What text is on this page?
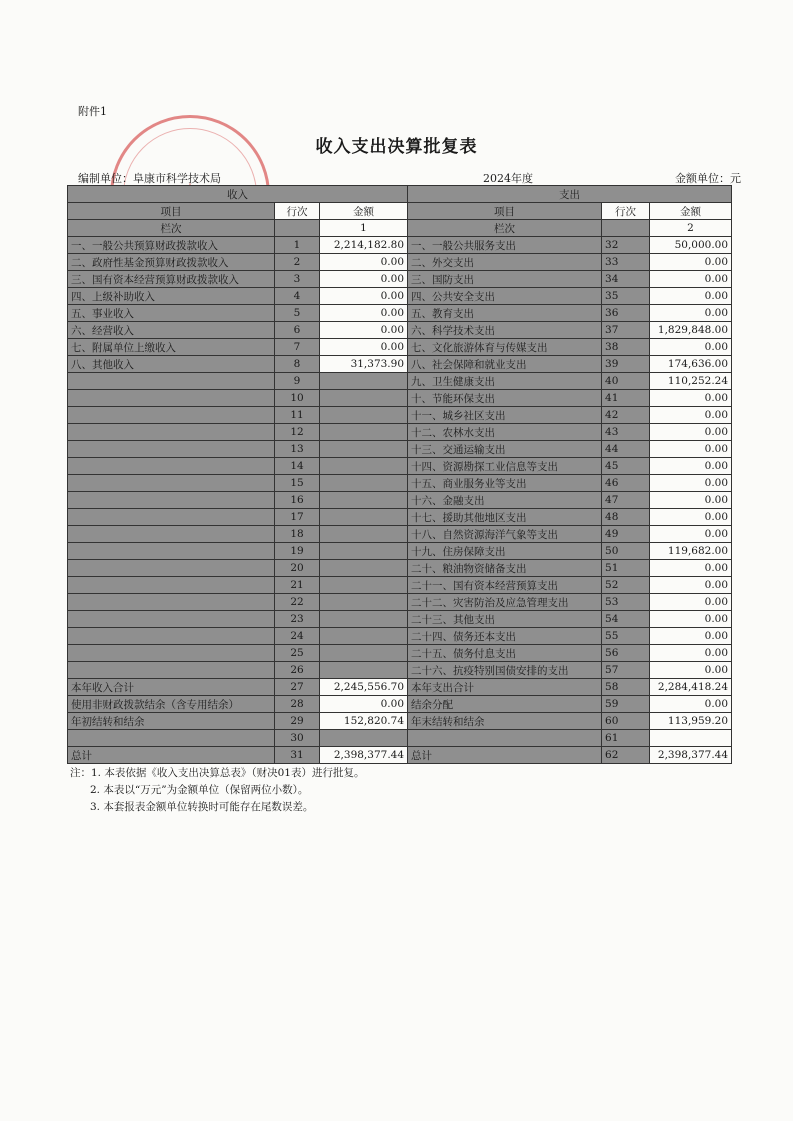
附件1
收入支出决算批复表
编制单位：阜康市科学技术局	2024年度	金额单位：元
收入			支出		
项目	行次	金额	项目	行次	金额
栏次		1	栏次		2
一、一般公共预算财政拨款收入	1	2,214,182.80	一、一般公共服务支出	32	50,000.00
二、政府性基金预算财政拨款收入	2	0.00	二、外交支出	33	0.00
三、国有资本经营预算财政拨款收入	3	0.00	三、国防支出	34	0.00
四、上级补助收入	4	0.00	四、公共安全支出	35	0.00
五、事业收入	5	0.00	五、教育支出	36	0.00
六、经营收入	6	0.00	六、科学技术支出	37	1,829,848.00
七、附属单位上缴收入	7	0.00	七、文化旅游体育与传媒支出	38	0.00
八、其他收入	8	31,373.90	八、社会保障和就业支出	39	174,636.00
	9		九、卫生健康支出	40	110,252.24
	10		十、节能环保支出	41	0.00
	11		十一、城乡社区支出	42	0.00
	12		十二、农林水支出	43	0.00
	13		十三、交通运输支出	44	0.00
	14		十四、资源勘探工业信息等支出	45	0.00
	15		十五、商业服务业等支出	46	0.00
	16		十六、金融支出	47	0.00
	17		十七、援助其他地区支出	48	0.00
	18		十八、自然资源海洋气象等支出	49	0.00
	19		十九、住房保障支出	50	119,682.00
	20		二十、粮油物资储备支出	51	0.00
	21		二十一、国有资本经营预算支出	52	0.00
	22		二十二、灾害防治及应急管理支出	53	0.00
	23		二十三、其他支出	54	0.00
	24		二十四、债务还本支出	55	0.00
	25		二十五、债务付息支出	56	0.00
	26		二十六、抗疫特别国债安排的支出	57	0.00
本年收入合计	27	2,245,556.70	本年支出合计	58	2,284,418.24
使用非财政拨款结余（含专用结余）	28	0.00	结余分配	59	0.00
年初结转和结余	29	152,820.74	年末结转和结余	60	113,959.20
	30			61	
总计	31	2,398,377.44	总计	62	2,398,377.44
注：1. 本表依据《收入支出决算总表》（财决01表）进行批复。
2. 本表以“万元”为金额单位（保留两位小数）。
3. 本套报表金额单位转换时可能存在尾数误差。
